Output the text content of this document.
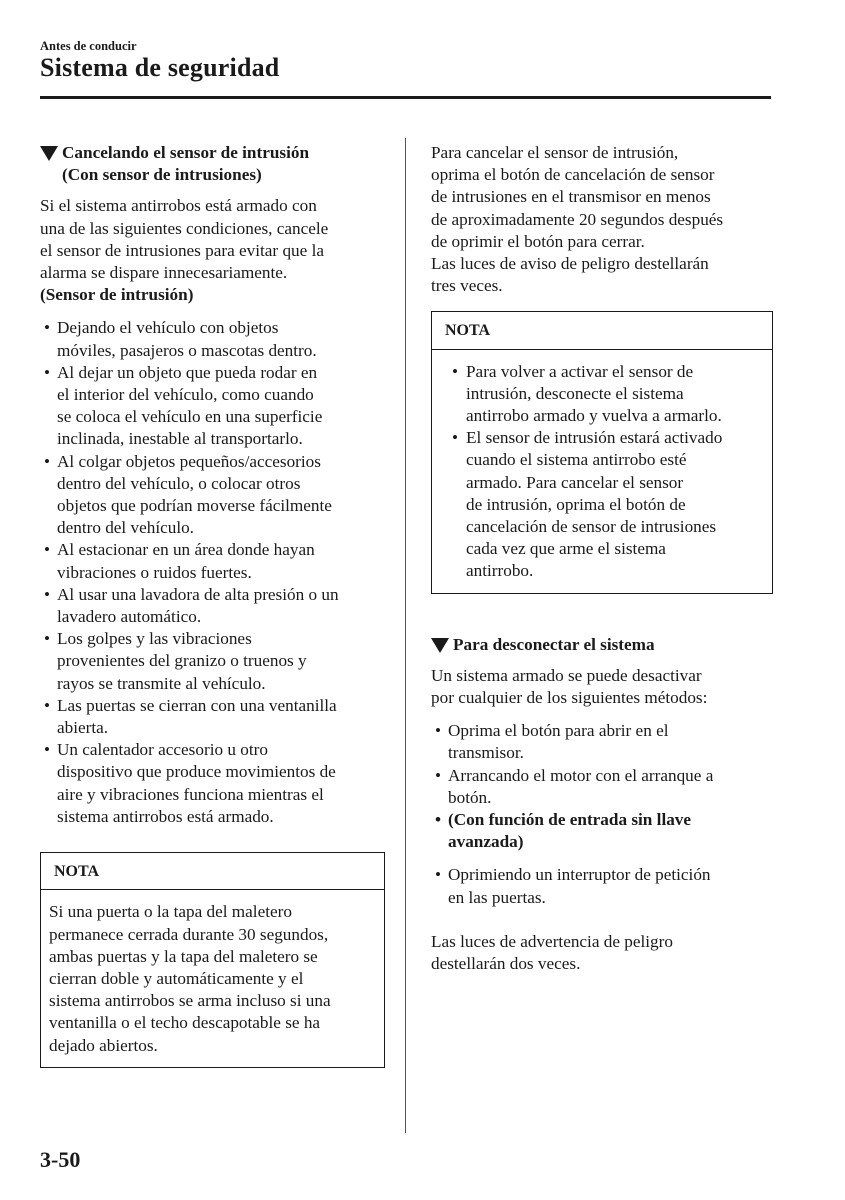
Antes de conducir
Sistema de seguridad
Cancelando el sensor de intrusión
(Con sensor de intrusiones)
Si el sistema antirrobos está armado con
una de las siguientes condiciones, cancele
el sensor de intrusiones para evitar que la
alarma se dispare innecesariamente.
(Sensor de intrusión)
• Dejando el vehículo con objetos
móviles, pasajeros o mascotas dentro.
• Al dejar un objeto que pueda rodar en
el interior del vehículo, como cuando
se coloca el vehículo en una superficie
inclinada, inestable al transportarlo.
• Al colgar objetos pequeños/accesorios
dentro del vehículo, o colocar otros
objetos que podrían moverse fácilmente
dentro del vehículo.
• Al estacionar en un área donde hayan
vibraciones o ruidos fuertes.
• Al usar una lavadora de alta presión o un
lavadero automático.
• Los golpes y las vibraciones
provenientes del granizo o truenos y
rayos se transmite al vehículo.
• Las puertas se cierran con una ventanilla
abierta.
• Un calentador accesorio u otro
dispositivo que produce movimientos de
aire y vibraciones funciona mientras el
sistema antirrobos está armado.
NOTA
Si una puerta o la tapa del maletero
permanece cerrada durante 30 segundos,
ambas puertas y la tapa del maletero se
cierran doble y automáticamente y el
sistema antirrobos se arma incluso si una
ventanilla o el techo descapotable se ha
dejado abiertos.
Para cancelar el sensor de intrusión,
oprima el botón de cancelación de sensor
de intrusiones en el transmisor en menos
de aproximadamente 20 segundos después
de oprimir el botón para cerrar.
Las luces de aviso de peligro destellarán
tres veces.
NOTA
• Para volver a activar el sensor de
intrusión, desconecte el sistema
antirrobo armado y vuelva a armarlo.
• El sensor de intrusión estará activado
cuando el sistema antirrobo esté
armado. Para cancelar el sensor
de intrusión, oprima el botón de
cancelación de sensor de intrusiones
cada vez que arme el sistema
antirrobo.
Para desconectar el sistema
Un sistema armado se puede desactivar
por cualquier de los siguientes métodos:
• Oprima el botón para abrir en el
transmisor.
• Arrancando el motor con el arranque a
botón.
• (Con función de entrada sin llave
avanzada)
• Oprimiendo un interruptor de petición
en las puertas.
Las luces de advertencia de peligro
destellarán dos veces.
3-50
